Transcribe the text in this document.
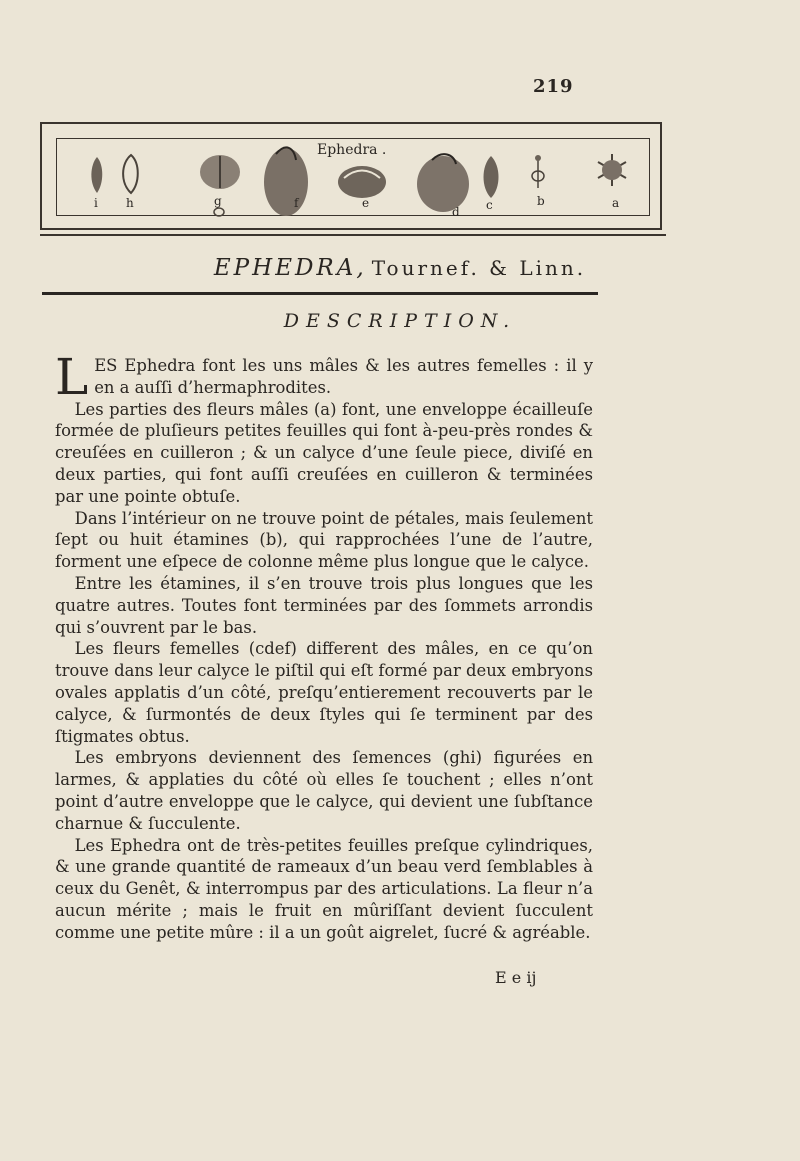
219
Ephedra .
i h	g	f	e
d c	b	a
EPHEDRA, Tournef. & Linn.
DESCRIPTION.

LES Ephedra font les uns mâles & les autres femelles : il y en a auſſi d’hermaphrodites.

Les parties des fleurs mâles (a) font, une enveloppe écailleuſe formée de pluſieurs petites feuilles qui font à-peu-près rondes & creuſées en cuilleron ; & un calyce d’une ſeule piece, diviſé en deux parties, qui font auſſi creuſées en cuilleron & terminées par une pointe obtuſe.

Dans l’intérieur on ne trouve point de pétales, mais ſeulement ſept ou huit étamines (b), qui rapprochées l’une de l’autre, forment une eſpece de colonne même plus longue que le calyce.

Entre les étamines, il s’en trouve trois plus longues que les quatre autres. Toutes font terminées par des ſommets arrondis qui s’ouvrent par le bas.

Les fleurs femelles (cdef) different des mâles, en ce qu’on trouve dans leur calyce le piſtil qui eſt formé par deux embryons ovales applatis d’un côté, preſqu’entierement recouverts par le calyce, & ſurmontés de deux ſtyles qui ſe terminent par des ſtigmates obtus.

Les embryons deviennent des ſemences (ghi) figurées en larmes, & applaties du côté où elles ſe touchent ; elles n’ont point d’autre enveloppe que le calyce, qui devient une ſubſtance charnue & ſucculente.

Les Ephedra ont de très-petites feuilles preſque cylindriques, & une grande quantité de rameaux d’un beau verd ſemblables à ceux du Genêt, & interrompus par des articulations. La fleur n’a aucun mérite ; mais le fruit en mûriſſant devient ſucculent comme une petite mûre : il a un goût aigrelet, ſucré & agréable.

E e ij
